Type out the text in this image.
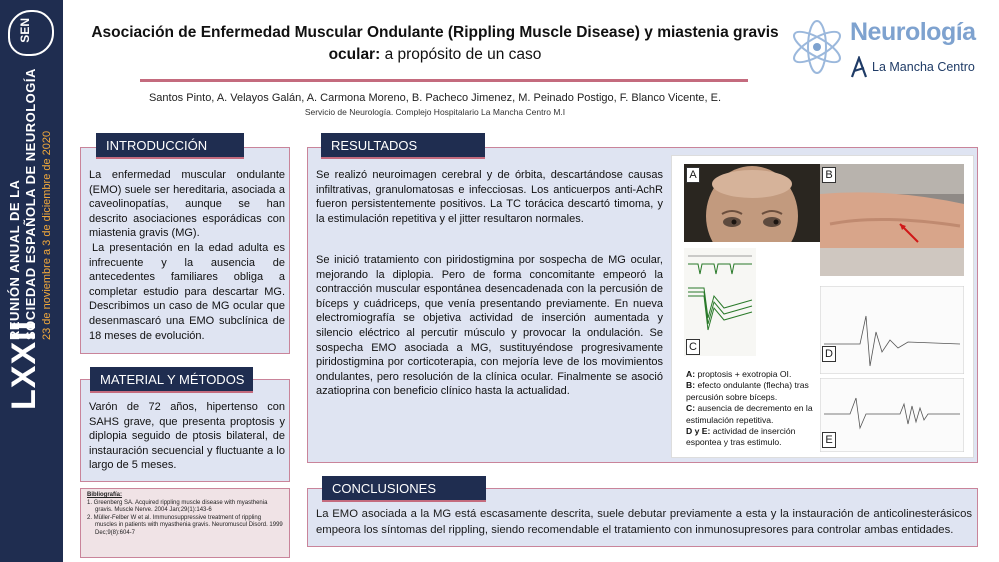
SEN
LXXII
REUNIÓN ANUAL DE LA SOCIEDAD ESPAÑOLA DE NEUROLOGÍA 23 de noviembre a 3 de diciembre de 2020
Asociación de Enfermedad Muscular Ondulante (Rippling Muscle Disease) y miastenia gravis ocular: a propósito de un caso
Santos Pinto, A. Velayos Galán, A. Carmona Moreno, B. Pacheco Jimenez, M. Peinado Postigo, F. Blanco Vicente, E.
Servicio de Neurología. Complejo Hospitalario La Mancha Centro M.I
Neurología
La Mancha Centro
INTRODUCCIÓN
La enfermedad muscular ondulante (EMO) suele ser hereditaria, asociada a caveolinopatías, aunque se han descrito asociaciones esporádicas con miastenia gravis (MG).
La presentación en la edad adulta es infrecuente y la ausencia de antecedentes familiares obliga a completar estudio para descartar MG. Describimos un caso de MG ocular que desenmascaró una EMO subclínica de 18 meses de evolución.
MATERIAL Y MÉTODOS
Varón de 72 años, hipertenso con SAHS grave, que presenta proptosis y diplopia seguido de ptosis bilateral, de instauración secuencial y fluctuante a lo largo de 5 meses.
Bibliografía:
1. Greenberg SA. Acquired rippling muscle disease with myasthenia gravis. Muscle Nerve. 2004 Jan;29(1):143-6
2. Müller-Felber W et al. Immunosuppressive treatment of rippling muscles in patients with myasthenia gravis. Neuromuscul Disord. 1999 Dec;9(8):604-7
RESULTADOS
Se realizó neuroimagen cerebral y de órbita, descartándose causas infiltrativas, granulomatosas e infecciosas. Los anticuerpos anti-AchR fueron persistentemente positivos. La TC torácica descartó timoma, y la estimulación repetitiva y el jitter resultaron normales.
Se inició tratamiento con piridostigmina por sospecha de MG ocular, mejorando la diplopia. Pero de forma concomitante empeoró la contracción muscular espontánea desencadenada con la percusión de bíceps y cuádriceps, que venía presentando previamente. En nueva electromiografía se objetiva actividad de inserción aumentada y silencio eléctrico al percutir músculo y provocar la ondulación. Se sospecha EMO asociada a MG, sustituyéndose progresivamente piridostigmina por corticoterapia, con mejoría leve de los movimientos ondulantes, pero resolución de la clínica ocular. Finalmente se asoció azatioprina con beneficio clínico hasta la actualidad.
A	B
C
D
E
A: proptosis + exotropia OI.
B: efecto ondulante (flecha) tras percusión sobre bíceps.
C: ausencia de decremento en la estimulación repetitiva.
D y E: actividad de inserción espontea y tras estimulo.
CONCLUSIONES
La EMO asociada a la MG está escasamente descrita, suele debutar previamente a esta y la instauración de anticolinesterásicos empeora los síntomas del rippling, siendo recomendable el tratamiento con inmunosupresores para controlar ambas entidades.
